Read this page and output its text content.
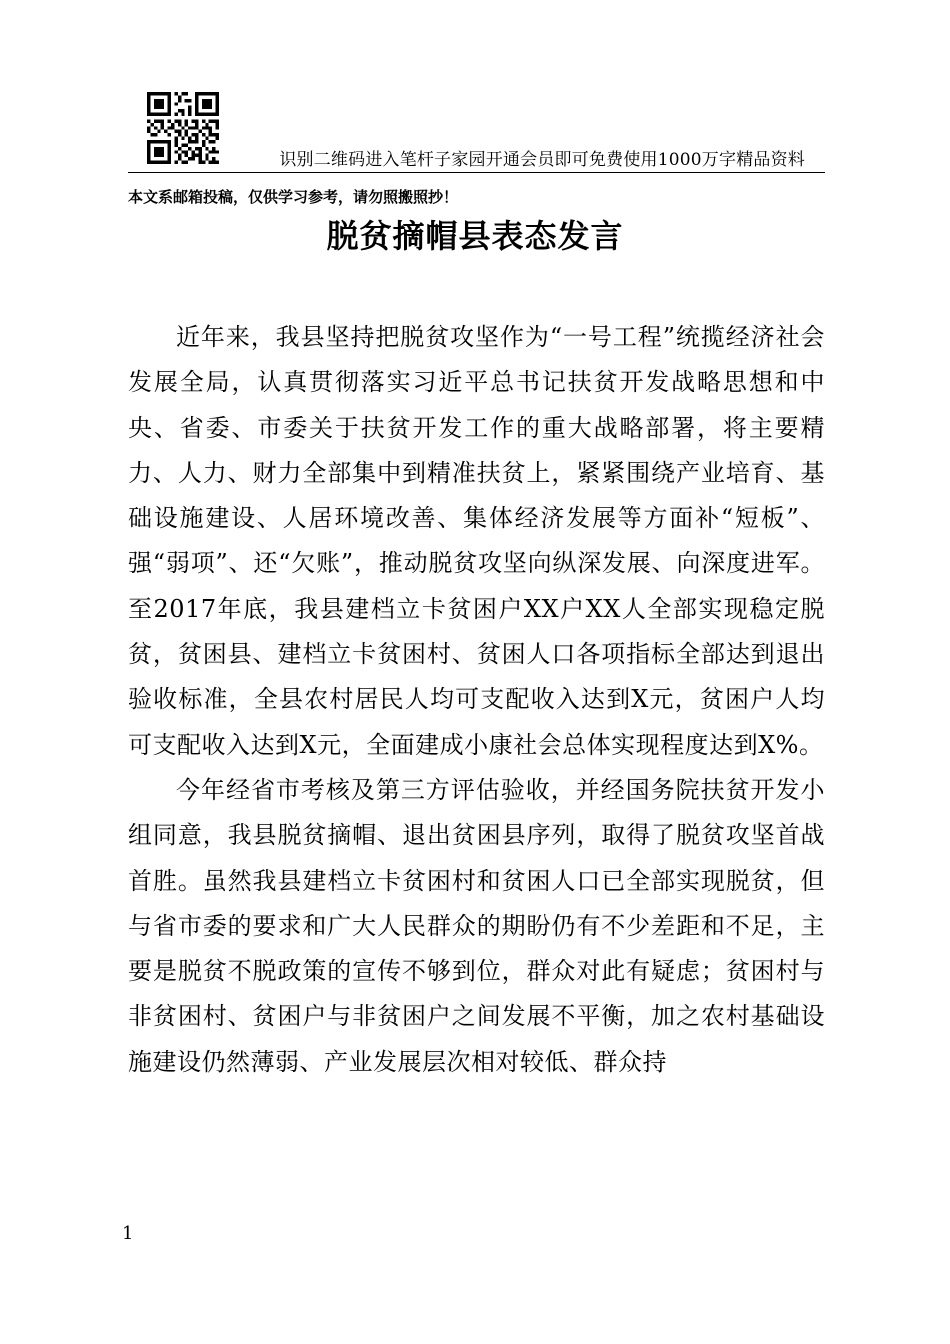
识别二维码进入笔杆子家园开通会员即可免费使用1000万字精品资料
本文系邮箱投稿，仅供学习参考，请勿照搬照抄！
脱贫摘帽县表态发言

近年来，我县坚持把脱贫攻坚作为“一号工程”统揽经济社会发展全局，认真贯彻落实习近平总书记扶贫开发战略思想和中央、省委、市委关于扶贫开发工作的重大战略部署，将主要精力、人力、财力全部集中到精准扶贫上，紧紧围绕产业培育、基础设施建设、人居环境改善、集体经济发展等方面补“短板”、强“弱项”、还“欠账”，推动脱贫攻坚向纵深发展、向深度进军。至2017年底，我县建档立卡贫困户XX户XX人全部实现稳定脱贫，贫困县、建档立卡贫困村、贫困人口各项指标全部达到退出验收标准，全县农村居民人均可支配收入达到X元，贫困户人均可支配收入达到X元，全面建成小康社会总体实现程度达到X%。

今年经省市考核及第三方评估验收，并经国务院扶贫开发小组同意，我县脱贫摘帽、退出贫困县序列，取得了脱贫攻坚首战首胜。虽然我县建档立卡贫困村和贫困人口已全部实现脱贫，但与省市委的要求和广大人民群众的期盼仍有不少差距和不足，主要是脱贫不脱政策的宣传不够到位，群众对此有疑虑；贫困村与非贫困村、贫困户与非贫困户之间发展不平衡，加之农村基础设施建设仍然薄弱、产业发展层次相对较低、群众持

1
